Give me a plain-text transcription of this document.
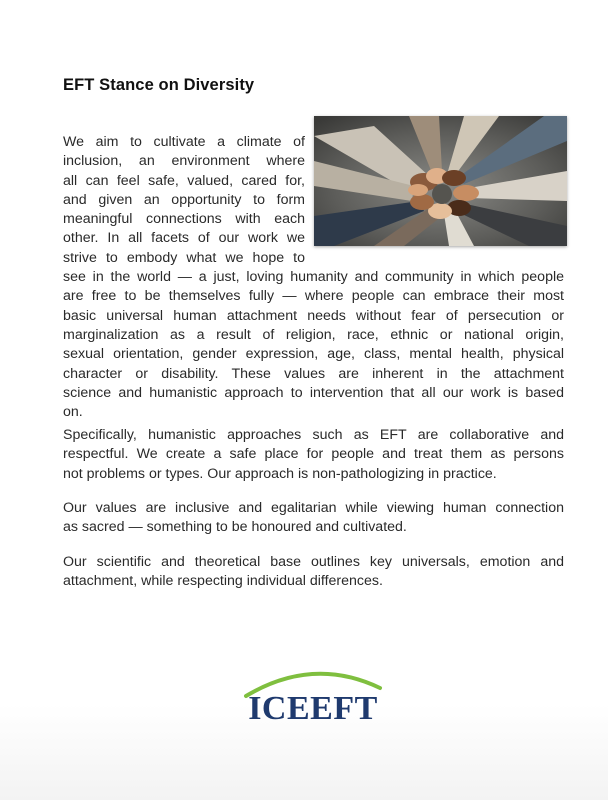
EFT Stance on Diversity
We aim to cultivate a climate of
inclusion, an environment where
all can feel safe, valued, cared for,
and given an opportunity to form
meaningful connections with each
other. In all facets of our work we
strive to embody what we hope to
see in the world — a just, loving humanity and community in which people
are free to be themselves fully — where people can embrace their most
basic universal human attachment needs without fear of persecution or
marginalization as a result of religion, race, ethnic or national origin,
sexual orientation, gender expression, age, class, mental health, physical
character or disability. These values are inherent in the attachment
science and humanistic approach to intervention that all our work is based
on.
Specifically, humanistic approaches such as EFT are collaborative and
respectful. We create a safe place for people and treat them as persons
not problems or types. Our approach is non-pathologizing in practice.
Our values are inclusive and egalitarian while viewing human connection
as sacred — something to be honoured and cultivated.
Our scientific and theoretical base outlines key universals, emotion and
attachment, while respecting individual differences.
ICEEFT
